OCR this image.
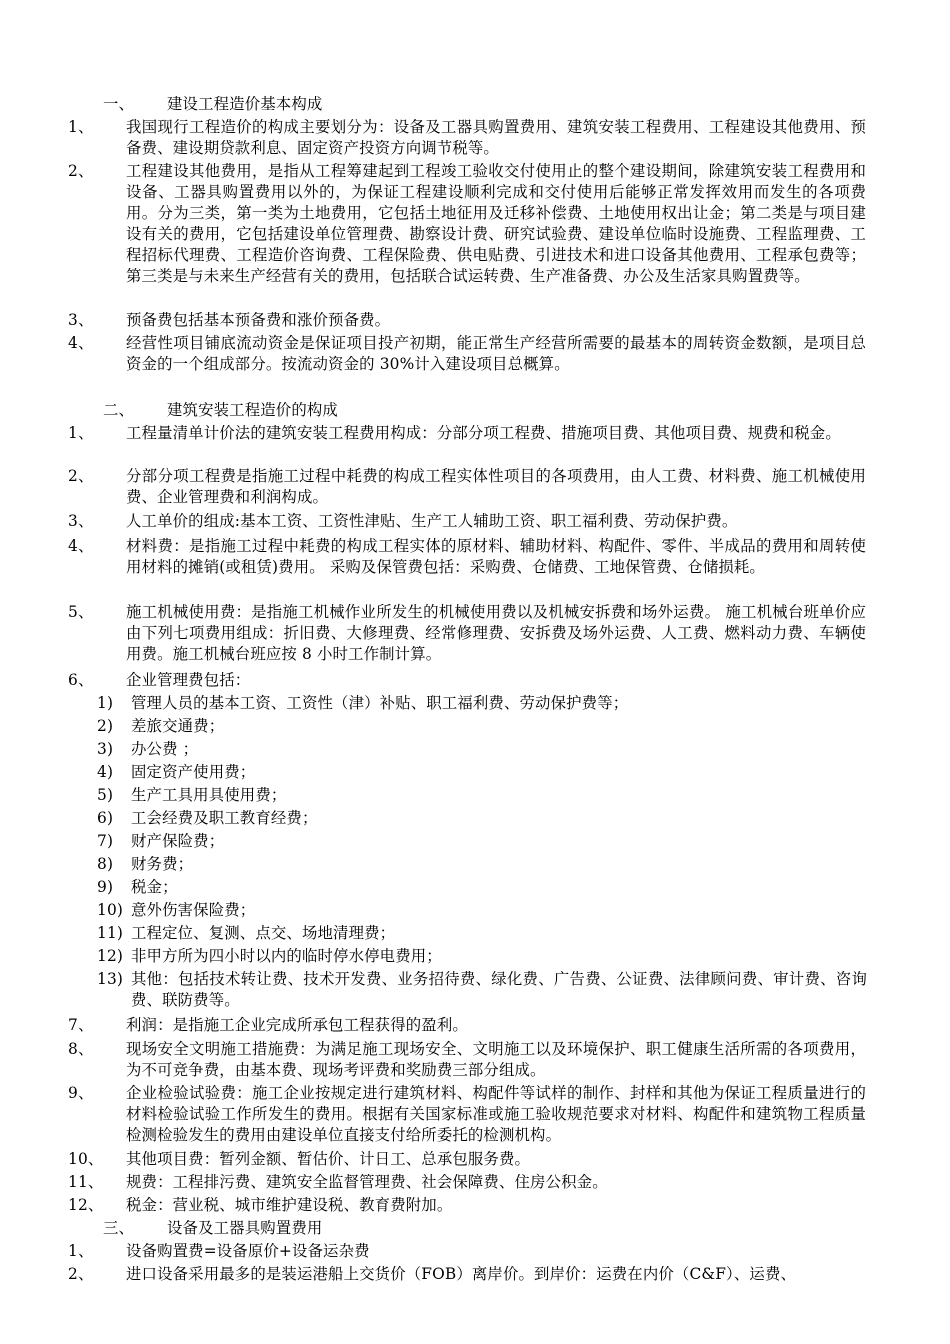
一、 建设工程造价基本构成
1、	我国现行工程造价的构成主要划分为：设备及工器具购置费用、建筑安装工程费用、工程建设其他费用、预备费、建设期贷款利息、固定资产投资方向调节税等。
2、	工程建设其他费用，是指从工程筹建起到工程竣工验收交付使用止的整个建设期间，除建筑安装工程费用和设备、工器具购置费用以外的，为保证工程建设顺利完成和交付使用后能够正常发挥效用而发生的各项费用。分为三类，第一类为土地费用，它包括土地征用及迁移补偿费、土地使用权出让金；第二类是与项目建设有关的费用，它包括建设单位管理费、勘察设计费、研究试验费、建设单位临时设施费、工程监理费、工程招标代理费、工程造价咨询费、工程保险费、供电贴费、引进技术和进口设备其他费用、工程承包费等；第三类是与未来生产经营有关的费用，包括联合试运转费、生产准备费、办公及生活家具购置费等。
3、	预备费包括基本预备费和涨价预备费。
4、	经营性项目铺底流动资金是保证项目投产初期，能正常生产经营所需要的最基本的周转资金数额，是项目总资金的一个组成部分。按流动资金的 30%计入建设项目总概算。
二、 建筑安装工程造价的构成
1、	工程量清单计价法的建筑安装工程费用构成：分部分项工程费、措施项目费、其他项目费、规费和税金。
2、	分部分项工程费是指施工过程中耗费的构成工程实体性项目的各项费用，由人工费、材料费、施工机械使用费、企业管理费和利润构成。
3、	人工单价的组成:基本工资、工资性津贴、生产工人辅助工资、职工福利费、劳动保护费。
4、	材料费：是指施工过程中耗费的构成工程实体的原材料、辅助材料、构配件、零件、半成品的费用和周转使用材料的摊销(或租赁)费用。 采购及保管费包括：采购费、仓储费、工地保管费、仓储损耗。
5、	施工机械使用费：是指施工机械作业所发生的机械使用费以及机械安拆费和场外运费。 施工机械台班单价应由下列七项费用组成：折旧费、大修理费、经常修理费、安拆费及场外运费、人工费、燃料动力费、车辆使用费。施工机械台班应按 8 小时工作制计算。
6、	企业管理费包括：
1)	管理人员的基本工资、工资性（津）补贴、职工福利费、劳动保护费等；
2)	差旅交通费；
3)	办公费 ；
4)	固定资产使用费；
5)	生产工具用具使用费；
6)	工会经费及职工教育经费；
7)	财产保险费；
8)	财务费；
9)	税金；
10) 意外伤害保险费；
11) 工程定位、复测、点交、场地清理费；
12) 非甲方所为四小时以内的临时停水停电费用；
13) 其他：包括技术转让费、技术开发费、业务招待费、绿化费、广告费、公证费、法律顾问费、审计费、咨询费、联防费等。
7、	利润：是指施工企业完成所承包工程获得的盈利。
8、	现场安全文明施工措施费：为满足施工现场安全、文明施工以及环境保护、职工健康生活所需的各项费用，为不可竞争费，由基本费、现场考评费和奖励费三部分组成。
9、	企业检验试验费：施工企业按规定进行建筑材料、构配件等试样的制作、封样和其他为保证工程质量进行的材料检验试验工作所发生的费用。根据有关国家标准或施工验收规范要求对材料、构配件和建筑物工程质量检测检验发生的费用由建设单位直接支付给所委托的检测机构。
10、	其他项目费：暂列金额、暂估价、计日工、总承包服务费。
11、	规费：工程排污费、建筑安全监督管理费、社会保障费、住房公积金。
12、	税金：营业税、城市维护建设税、教育费附加。
三、 设备及工器具购置费用
1、	设备购置费=设备原价+设备运杂费
2、	进口设备采用最多的是装运港船上交货价（FOB）离岸价。到岸价：运费在内价（C&F）、运费、
